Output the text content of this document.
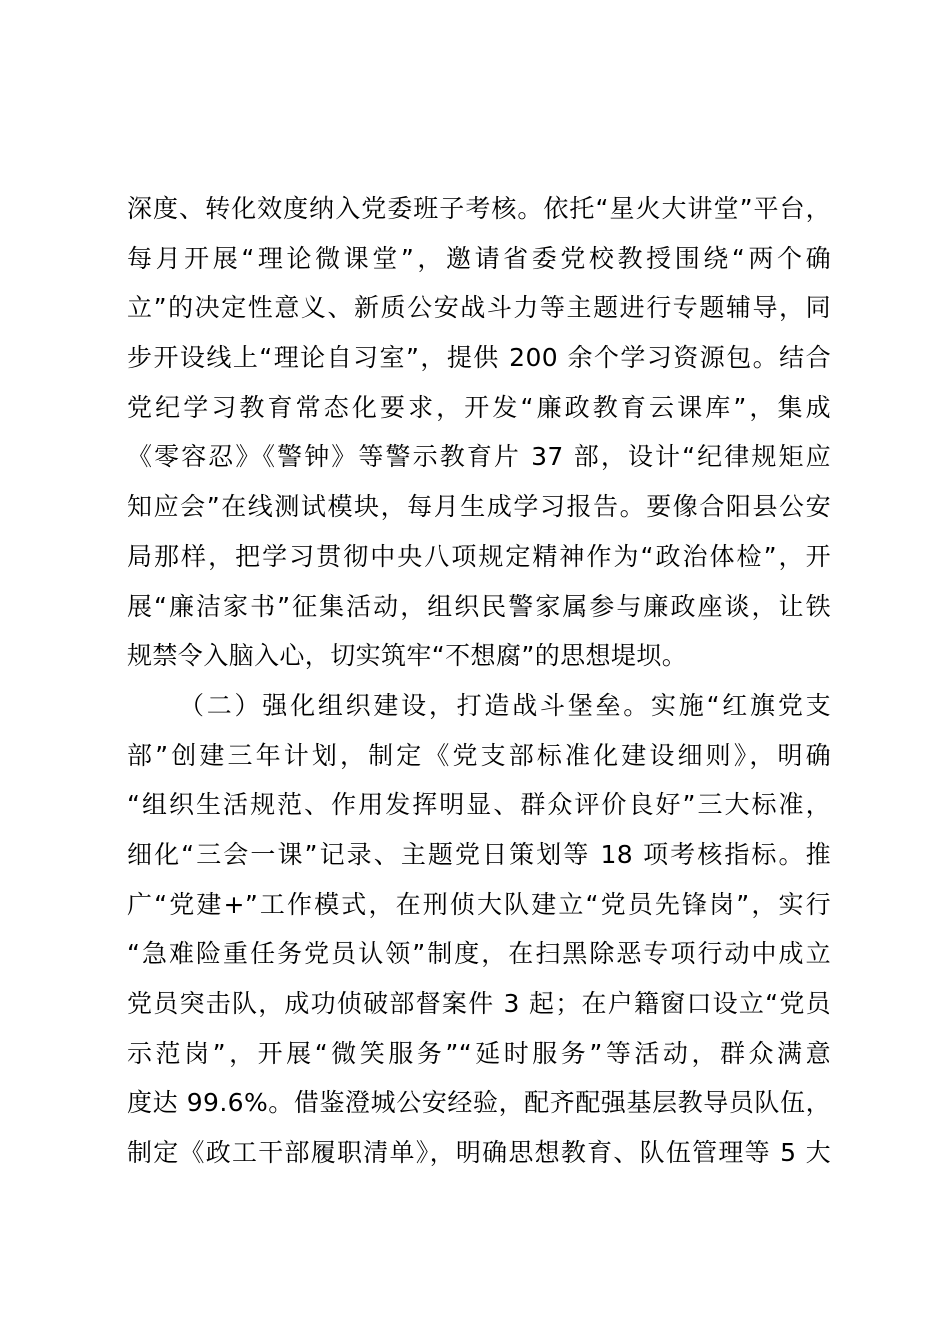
深度、转化效度纳入党委班子考核。依托“星火大讲堂”平台，
每月开展“理论微课堂”，邀请省委党校教授围绕“两个确
立”的决定性意义、新质公安战斗力等主题进行专题辅导，同
步开设线上“理论自习室”，提供 200 余个学习资源包。结合
党纪学习教育常态化要求，开发“廉政教育云课库”，集成
《零容忍》《警钟》等警示教育片 37 部，设计“纪律规矩应
知应会”在线测试模块，每月生成学习报告。要像合阳县公安
局那样，把学习贯彻中央八项规定精神作为“政治体检”，开
展“廉洁家书”征集活动，组织民警家属参与廉政座谈，让铁
规禁令入脑入心，切实筑牢“不想腐”的思想堤坝。
（二）强化组织建设，打造战斗堡垒。实施“红旗党支
部”创建三年计划，制定《党支部标准化建设细则》，明确
“组织生活规范、作用发挥明显、群众评价良好”三大标准，
细化“三会一课”记录、主题党日策划等 18 项考核指标。推
广“党建+”工作模式，在刑侦大队建立“党员先锋岗”，实行
“急难险重任务党员认领”制度，在扫黑除恶专项行动中成立
党员突击队，成功侦破部督案件 3 起；在户籍窗口设立“党员
示范岗”，开展“微笑服务”“延时服务”等活动，群众满意
度达 99.6%。借鉴澄城公安经验，配齐配强基层教导员队伍，
制定《政工干部履职清单》，明确思想教育、队伍管理等 5 大
